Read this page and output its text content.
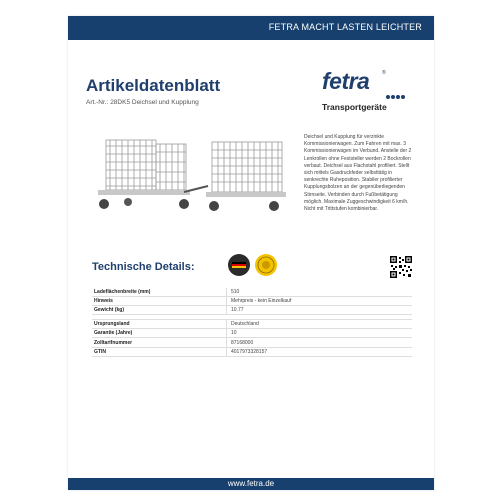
FETRA MACHT LASTEN LEICHTER
Artikeldatenblatt
Art.-Nr.: 28DK5 Deichsel und Kupplung
fetra	®
Transportgeräte
Deichsel und Kupplung für verzinkte Kommissionierwagen. Zum Fahren mit max. 3 Kommissionierwagen im Verbund. Anstelle der 2 Lenkrollen ohne Feststeller werden 2 Bockrollen verbaut. Deichsel aus Flachstahl profiliert. Stellt sich mittels Gasdruckfeder selbsttätig in senkrechte Ruheposition. Stabiler profilierter Kupplungsbolzen an der gegenüberliegenden Stirnseite. Verbinden durch Fußbetätigung möglich. Maximale Zuggeschwindigkeit 6 km/h. Nicht mit Trittstufen kombinierbar.
Technische Details:
Ladeflächenbreite (mm)	510
Hinweis	Mehrpreis - kein Einzelkauf
Gewicht (kg)	10.77

Ursprungsland	Deutschland
Garantie (Jahre)	10
Zolltarifnummer	87168000
GTIN	4017973328157
www.fetra.de
